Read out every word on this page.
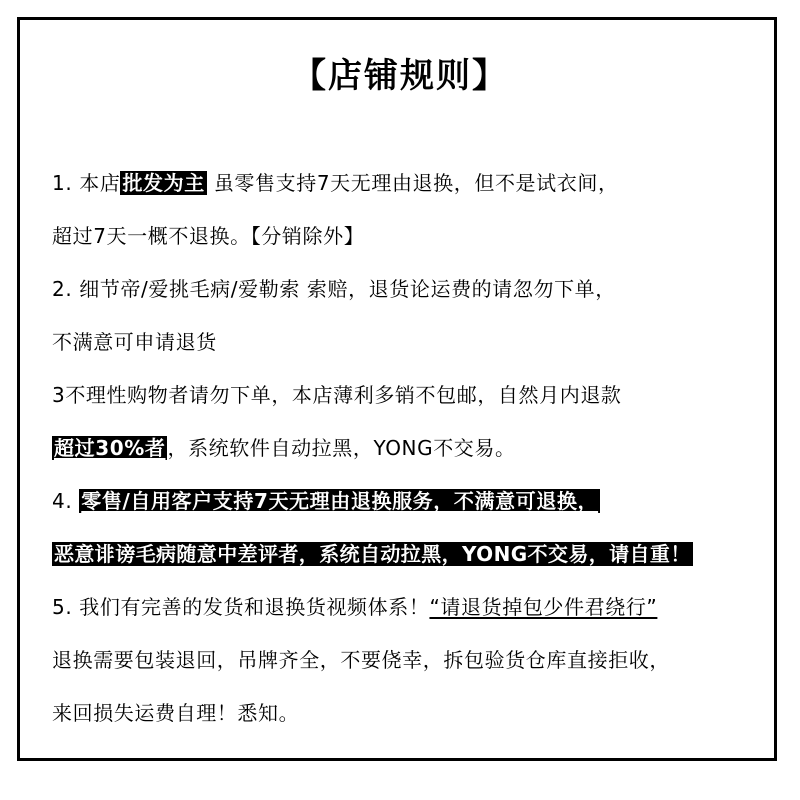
【店铺规则】
1. 本店 批发为主 虽零售支持7天无理由退换，但不是试衣间，
超过7天一概不退换。【分销除外】
2. 细节帝/爱挑毛病/爱勒索 索赔，退货论运费的请忽勿下单，
不满意可申请退货
3不理性购物者请勿下单，本店薄利多销不包邮，自然月内退款
超过30%者 ，系统软件自动拉黑，YONG不交易。
4. 零售/自用客户支持7天无理由退换服务，不满意可退换，
恶意诽谤毛病随意中差评者，系统自动拉黑，YONG不交易，请自重！
5. 我们有完善的发货和退换货视频体系！“请退货掉包少件君绕行”
退换需要包装退回，吊牌齐全，不要侥幸，拆包验货仓库直接拒收，
来回损失运费自理！悉知。
